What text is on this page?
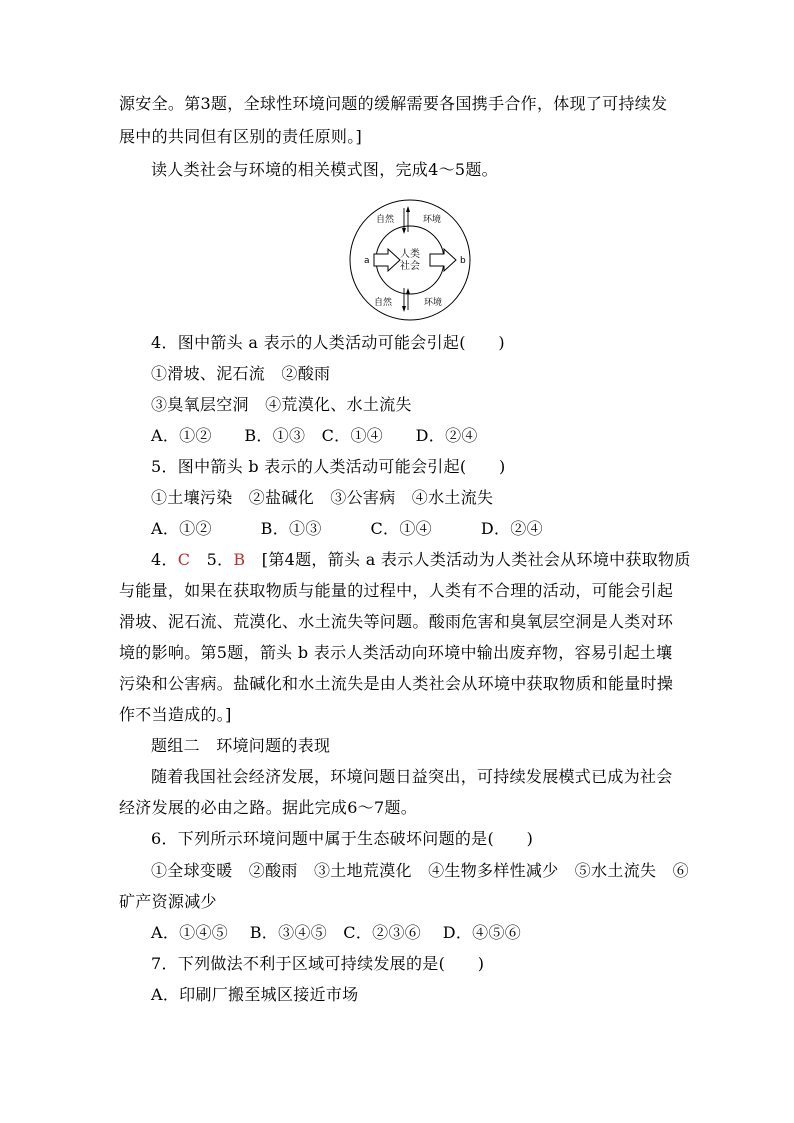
源安全。第3题，全球性环境问题的缓解需要各国携手合作，体现了可持续发
展中的共同但有区别的责任原则。]
读人类社会与环境的相关模式图，完成4～5题。
自然	环境
自然	环境
a	b
人类
社会
4．图中箭头 a 表示的人类活动可能会引起(　　)
①滑坡、泥石流　②酸雨
③臭氧层空洞　④荒漠化、水土流失
A．①②　　B．①③　C．①④　　D．②④
5．图中箭头 b 表示的人类活动可能会引起(　　)
①土壤污染　②盐碱化　③公害病　④水土流失
A．①②　　　B．①③　　　C．①④　　　D．②④
4．C　5．B　[第4题，箭头 a 表示人类活动为人类社会从环境中获取物质
与能量，如果在获取物质与能量的过程中，人类有不合理的活动，可能会引起
滑坡、泥石流、荒漠化、水土流失等问题。酸雨危害和臭氧层空洞是人类对环
境的影响。第5题，箭头 b 表示人类活动向环境中输出废弃物，容易引起土壤
污染和公害病。盐碱化和水土流失是由人类社会从环境中获取物质和能量时操
作不当造成的。]
题组二　环境问题的表现
随着我国社会经济发展，环境问题日益突出，可持续发展模式已成为社会
经济发展的必由之路。据此完成6～7题。
6．下列所示环境问题中属于生态破坏问题的是(　　)
①全球变暖　②酸雨　③土地荒漠化　④生物多样性减少　⑤水土流失　⑥
矿产资源减少
A．①④⑤　 B．③④⑤　C．②③⑥　 D．④⑤⑥
7．下列做法不利于区域可持续发展的是(　　)
A．印刷厂搬至城区接近市场
